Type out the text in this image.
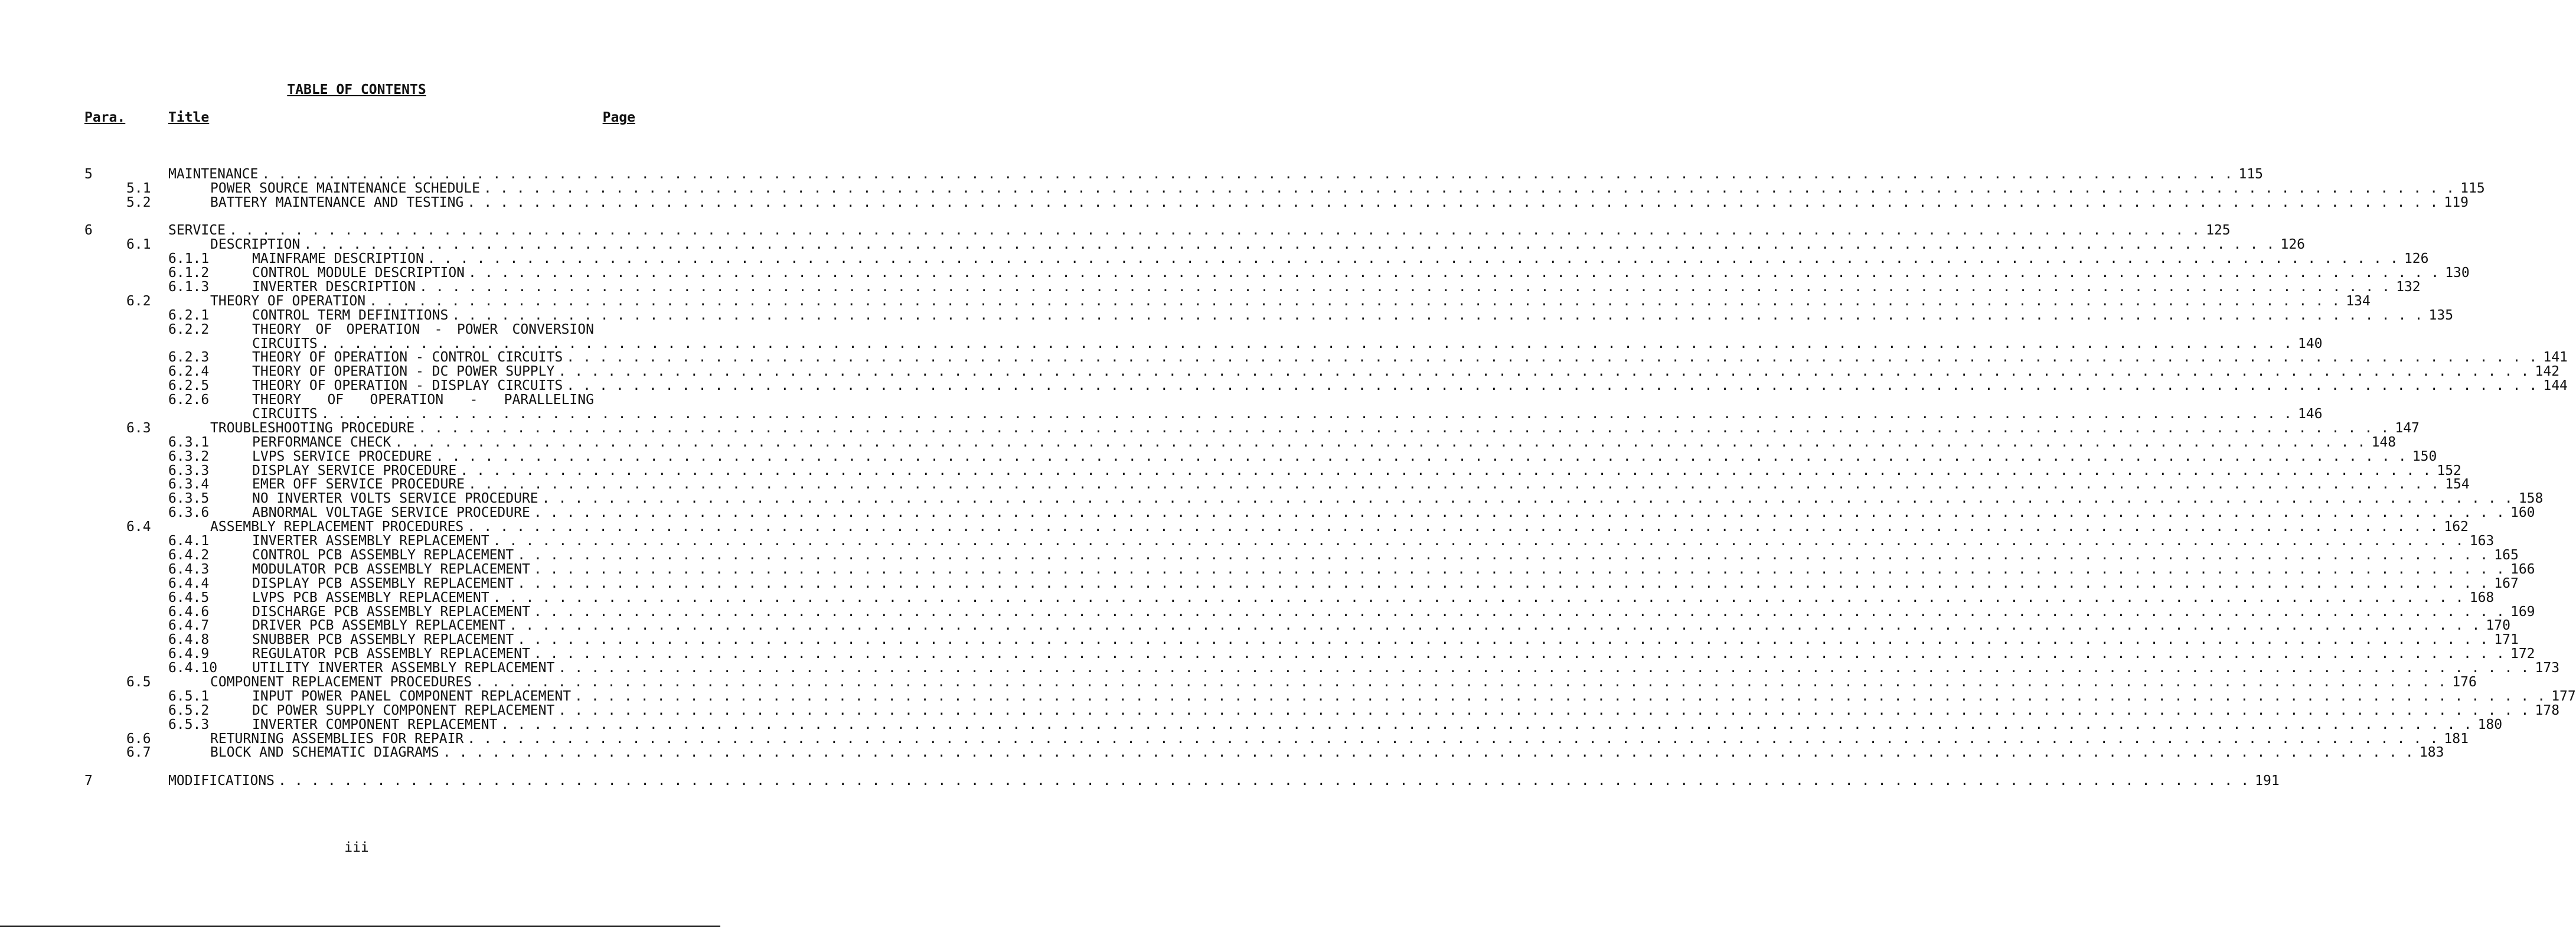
TABLE OF CONTENTS
Para.	Title	Page
5	MAINTENANCE . . . . . . . . . . . . . . . . . . . . . . . . . . . . . . . . . . . . . . . . . . . . . . . . . . . . . . . . . . . . . . . . . . . . . . . . . . . . . . . . . . . . . . . . . . . . . . . . . . . . . . . . . . . . . . . . . . . . . . . . 115
5.1	POWER SOURCE MAINTENANCE SCHEDULE . . . . . . . . . . . . . . . . . . . . . . . . . . . . . . . . . . . . . . . . . . . . . . . . . . . . . . . . . . . . . . . . . . . . . . . . . . . . . . . . . . . . . . . . . . . . . . . . . . . . . . . . . . . . . . . . . . . . . . . . 115
5.2	BATTERY MAINTENANCE AND TESTING . . . . . . . . . . . . . . . . . . . . . . . . . . . . . . . . . . . . . . . . . . . . . . . . . . . . . . . . . . . . . . . . . . . . . . . . . . . . . . . . . . . . . . . . . . . . . . . . . . . . . . . . . . . . . . . . . . . . . . . . 119
6	SERVICE . . . . . . . . . . . . . . . . . . . . . . . . . . . . . . . . . . . . . . . . . . . . . . . . . . . . . . . . . . . . . . . . . . . . . . . . . . . . . . . . . . . . . . . . . . . . . . . . . . . . . . . . . . . . . . . . . . . . . . . . 125
6.1	DESCRIPTION . . . . . . . . . . . . . . . . . . . . . . . . . . . . . . . . . . . . . . . . . . . . . . . . . . . . . . . . . . . . . . . . . . . . . . . . . . . . . . . . . . . . . . . . . . . . . . . . . . . . . . . . . . . . . . . . . . . . . . . . 126
6.1.1	MAINFRAME DESCRIPTION . . . . . . . . . . . . . . . . . . . . . . . . . . . . . . . . . . . . . . . . . . . . . . . . . . . . . . . . . . . . . . . . . . . . . . . . . . . . . . . . . . . . . . . . . . . . . . . . . . . . . . . . . . . . . . . . . . . . . . . . 126
6.1.2	CONTROL MODULE DESCRIPTION . . . . . . . . . . . . . . . . . . . . . . . . . . . . . . . . . . . . . . . . . . . . . . . . . . . . . . . . . . . . . . . . . . . . . . . . . . . . . . . . . . . . . . . . . . . . . . . . . . . . . . . . . . . . . . . . . . . . . . . . 130
6.1.3	INVERTER DESCRIPTION . . . . . . . . . . . . . . . . . . . . . . . . . . . . . . . . . . . . . . . . . . . . . . . . . . . . . . . . . . . . . . . . . . . . . . . . . . . . . . . . . . . . . . . . . . . . . . . . . . . . . . . . . . . . . . . . . . . . . . . . 132
6.2	THEORY OF OPERATION . . . . . . . . . . . . . . . . . . . . . . . . . . . . . . . . . . . . . . . . . . . . . . . . . . . . . . . . . . . . . . . . . . . . . . . . . . . . . . . . . . . . . . . . . . . . . . . . . . . . . . . . . . . . . . . . . . . . . . . . 134
6.2.1	CONTROL TERM DEFINITIONS . . . . . . . . . . . . . . . . . . . . . . . . . . . . . . . . . . . . . . . . . . . . . . . . . . . . . . . . . . . . . . . . . . . . . . . . . . . . . . . . . . . . . . . . . . . . . . . . . . . . . . . . . . . . . . . . . . . . . . . . 135
6.2.2	THEORY OF OPERATION - POWER CONVERSION
CIRCUITS . . . . . . . . . . . . . . . . . . . . . . . . . . . . . . . . . . . . . . . . . . . . . . . . . . . . . . . . . . . . . . . . . . . . . . . . . . . . . . . . . . . . . . . . . . . . . . . . . . . . . . . . . . . . . . . . . . . . . . . . 140
6.2.3	THEORY OF OPERATION - CONTROL CIRCUITS . . . . . . . . . . . . . . . . . . . . . . . . . . . . . . . . . . . . . . . . . . . . . . . . . . . . . . . . . . . . . . . . . . . . . . . . . . . . . . . . . . . . . . . . . . . . . . . . . . . . . . . . . . . . . . . . . . . . . . . . 141
6.2.4	THEORY OF OPERATION - DC POWER SUPPLY . . . . . . . . . . . . . . . . . . . . . . . . . . . . . . . . . . . . . . . . . . . . . . . . . . . . . . . . . . . . . . . . . . . . . . . . . . . . . . . . . . . . . . . . . . . . . . . . . . . . . . . . . . . . . . . . . . . . . . . . 142
6.2.5	THEORY OF OPERATION - DISPLAY CIRCUITS . . . . . . . . . . . . . . . . . . . . . . . . . . . . . . . . . . . . . . . . . . . . . . . . . . . . . . . . . . . . . . . . . . . . . . . . . . . . . . . . . . . . . . . . . . . . . . . . . . . . . . . . . . . . . . . . . . . . . . . . 144
6.2.6	THEORY OF OPERATION - PARALLELING
CIRCUITS . . . . . . . . . . . . . . . . . . . . . . . . . . . . . . . . . . . . . . . . . . . . . . . . . . . . . . . . . . . . . . . . . . . . . . . . . . . . . . . . . . . . . . . . . . . . . . . . . . . . . . . . . . . . . . . . . . . . . . . . 146
6.3	TROUBLESHOOTING PROCEDURE . . . . . . . . . . . . . . . . . . . . . . . . . . . . . . . . . . . . . . . . . . . . . . . . . . . . . . . . . . . . . . . . . . . . . . . . . . . . . . . . . . . . . . . . . . . . . . . . . . . . . . . . . . . . . . . . . . . . . . . . 147
6.3.1	PERFORMANCE CHECK . . . . . . . . . . . . . . . . . . . . . . . . . . . . . . . . . . . . . . . . . . . . . . . . . . . . . . . . . . . . . . . . . . . . . . . . . . . . . . . . . . . . . . . . . . . . . . . . . . . . . . . . . . . . . . . . . . . . . . . . 148
6.3.2	LVPS SERVICE PROCEDURE . . . . . . . . . . . . . . . . . . . . . . . . . . . . . . . . . . . . . . . . . . . . . . . . . . . . . . . . . . . . . . . . . . . . . . . . . . . . . . . . . . . . . . . . . . . . . . . . . . . . . . . . . . . . . . . . . . . . . . . . 150
6.3.3	DISPLAY SERVICE PROCEDURE . . . . . . . . . . . . . . . . . . . . . . . . . . . . . . . . . . . . . . . . . . . . . . . . . . . . . . . . . . . . . . . . . . . . . . . . . . . . . . . . . . . . . . . . . . . . . . . . . . . . . . . . . . . . . . . . . . . . . . . . 152
6.3.4	EMER OFF SERVICE PROCEDURE . . . . . . . . . . . . . . . . . . . . . . . . . . . . . . . . . . . . . . . . . . . . . . . . . . . . . . . . . . . . . . . . . . . . . . . . . . . . . . . . . . . . . . . . . . . . . . . . . . . . . . . . . . . . . . . . . . . . . . . . 154
6.3.5	NO INVERTER VOLTS SERVICE PROCEDURE . . . . . . . . . . . . . . . . . . . . . . . . . . . . . . . . . . . . . . . . . . . . . . . . . . . . . . . . . . . . . . . . . . . . . . . . . . . . . . . . . . . . . . . . . . . . . . . . . . . . . . . . . . . . . . . . . . . . . . . . 158
6.3.6	ABNORMAL VOLTAGE SERVICE PROCEDURE . . . . . . . . . . . . . . . . . . . . . . . . . . . . . . . . . . . . . . . . . . . . . . . . . . . . . . . . . . . . . . . . . . . . . . . . . . . . . . . . . . . . . . . . . . . . . . . . . . . . . . . . . . . . . . . . . . . . . . . . 160
6.4	ASSEMBLY REPLACEMENT PROCEDURES . . . . . . . . . . . . . . . . . . . . . . . . . . . . . . . . . . . . . . . . . . . . . . . . . . . . . . . . . . . . . . . . . . . . . . . . . . . . . . . . . . . . . . . . . . . . . . . . . . . . . . . . . . . . . . . . . . . . . . . . 162
6.4.1	INVERTER ASSEMBLY REPLACEMENT . . . . . . . . . . . . . . . . . . . . . . . . . . . . . . . . . . . . . . . . . . . . . . . . . . . . . . . . . . . . . . . . . . . . . . . . . . . . . . . . . . . . . . . . . . . . . . . . . . . . . . . . . . . . . . . . . . . . . . . . 163
6.4.2	CONTROL PCB ASSEMBLY REPLACEMENT . . . . . . . . . . . . . . . . . . . . . . . . . . . . . . . . . . . . . . . . . . . . . . . . . . . . . . . . . . . . . . . . . . . . . . . . . . . . . . . . . . . . . . . . . . . . . . . . . . . . . . . . . . . . . . . . . . . . . . . . 165
6.4.3	MODULATOR PCB ASSEMBLY REPLACEMENT . . . . . . . . . . . . . . . . . . . . . . . . . . . . . . . . . . . . . . . . . . . . . . . . . . . . . . . . . . . . . . . . . . . . . . . . . . . . . . . . . . . . . . . . . . . . . . . . . . . . . . . . . . . . . . . . . . . . . . . . 166
6.4.4	DISPLAY PCB ASSEMBLY REPLACEMENT . . . . . . . . . . . . . . . . . . . . . . . . . . . . . . . . . . . . . . . . . . . . . . . . . . . . . . . . . . . . . . . . . . . . . . . . . . . . . . . . . . . . . . . . . . . . . . . . . . . . . . . . . . . . . . . . . . . . . . . . 167
6.4.5	LVPS PCB ASSEMBLY REPLACEMENT . . . . . . . . . . . . . . . . . . . . . . . . . . . . . . . . . . . . . . . . . . . . . . . . . . . . . . . . . . . . . . . . . . . . . . . . . . . . . . . . . . . . . . . . . . . . . . . . . . . . . . . . . . . . . . . . . . . . . . . . 168
6.4.6	DISCHARGE PCB ASSEMBLY REPLACEMENT . . . . . . . . . . . . . . . . . . . . . . . . . . . . . . . . . . . . . . . . . . . . . . . . . . . . . . . . . . . . . . . . . . . . . . . . . . . . . . . . . . . . . . . . . . . . . . . . . . . . . . . . . . . . . . . . . . . . . . . . 169
6.4.7	DRIVER PCB ASSEMBLY REPLACEMENT . . . . . . . . . . . . . . . . . . . . . . . . . . . . . . . . . . . . . . . . . . . . . . . . . . . . . . . . . . . . . . . . . . . . . . . . . . . . . . . . . . . . . . . . . . . . . . . . . . . . . . . . . . . . . . . . . . . . . . . . 170
6.4.8	SNUBBER PCB ASSEMBLY REPLACEMENT . . . . . . . . . . . . . . . . . . . . . . . . . . . . . . . . . . . . . . . . . . . . . . . . . . . . . . . . . . . . . . . . . . . . . . . . . . . . . . . . . . . . . . . . . . . . . . . . . . . . . . . . . . . . . . . . . . . . . . . . 171
6.4.9	REGULATOR PCB ASSEMBLY REPLACEMENT . . . . . . . . . . . . . . . . . . . . . . . . . . . . . . . . . . . . . . . . . . . . . . . . . . . . . . . . . . . . . . . . . . . . . . . . . . . . . . . . . . . . . . . . . . . . . . . . . . . . . . . . . . . . . . . . . . . . . . . . 172
6.4.10	UTILITY INVERTER ASSEMBLY REPLACEMENT . . . . . . . . . . . . . . . . . . . . . . . . . . . . . . . . . . . . . . . . . . . . . . . . . . . . . . . . . . . . . . . . . . . . . . . . . . . . . . . . . . . . . . . . . . . . . . . . . . . . . . . . . . . . . . . . . . . . . . . . 173
6.5	COMPONENT REPLACEMENT PROCEDURES . . . . . . . . . . . . . . . . . . . . . . . . . . . . . . . . . . . . . . . . . . . . . . . . . . . . . . . . . . . . . . . . . . . . . . . . . . . . . . . . . . . . . . . . . . . . . . . . . . . . . . . . . . . . . . . . . . . . . . . . 176
6.5.1	INPUT POWER PANEL COMPONENT REPLACEMENT . . . . . . . . . . . . . . . . . . . . . . . . . . . . . . . . . . . . . . . . . . . . . . . . . . . . . . . . . . . . . . . . . . . . . . . . . . . . . . . . . . . . . . . . . . . . . . . . . . . . . . . . . . . . . . . . . . . . . . . . 177
6.5.2	DC POWER SUPPLY COMPONENT REPLACEMENT . . . . . . . . . . . . . . . . . . . . . . . . . . . . . . . . . . . . . . . . . . . . . . . . . . . . . . . . . . . . . . . . . . . . . . . . . . . . . . . . . . . . . . . . . . . . . . . . . . . . . . . . . . . . . . . . . . . . . . . . 178
6.5.3	INVERTER COMPONENT REPLACEMENT . . . . . . . . . . . . . . . . . . . . . . . . . . . . . . . . . . . . . . . . . . . . . . . . . . . . . . . . . . . . . . . . . . . . . . . . . . . . . . . . . . . . . . . . . . . . . . . . . . . . . . . . . . . . . . . . . . . . . . . . 180
6.6	RETURNING ASSEMBLIES FOR REPAIR . . . . . . . . . . . . . . . . . . . . . . . . . . . . . . . . . . . . . . . . . . . . . . . . . . . . . . . . . . . . . . . . . . . . . . . . . . . . . . . . . . . . . . . . . . . . . . . . . . . . . . . . . . . . . . . . . . . . . . . . 181
6.7	BLOCK AND SCHEMATIC DIAGRAMS . . . . . . . . . . . . . . . . . . . . . . . . . . . . . . . . . . . . . . . . . . . . . . . . . . . . . . . . . . . . . . . . . . . . . . . . . . . . . . . . . . . . . . . . . . . . . . . . . . . . . . . . . . . . . . . . . . . . . . . . 183
7	MODIFICATIONS . . . . . . . . . . . . . . . . . . . . . . . . . . . . . . . . . . . . . . . . . . . . . . . . . . . . . . . . . . . . . . . . . . . . . . . . . . . . . . . . . . . . . . . . . . . . . . . . . . . . . . . . . . . . . . . . . . . . . . . . 191
iii
